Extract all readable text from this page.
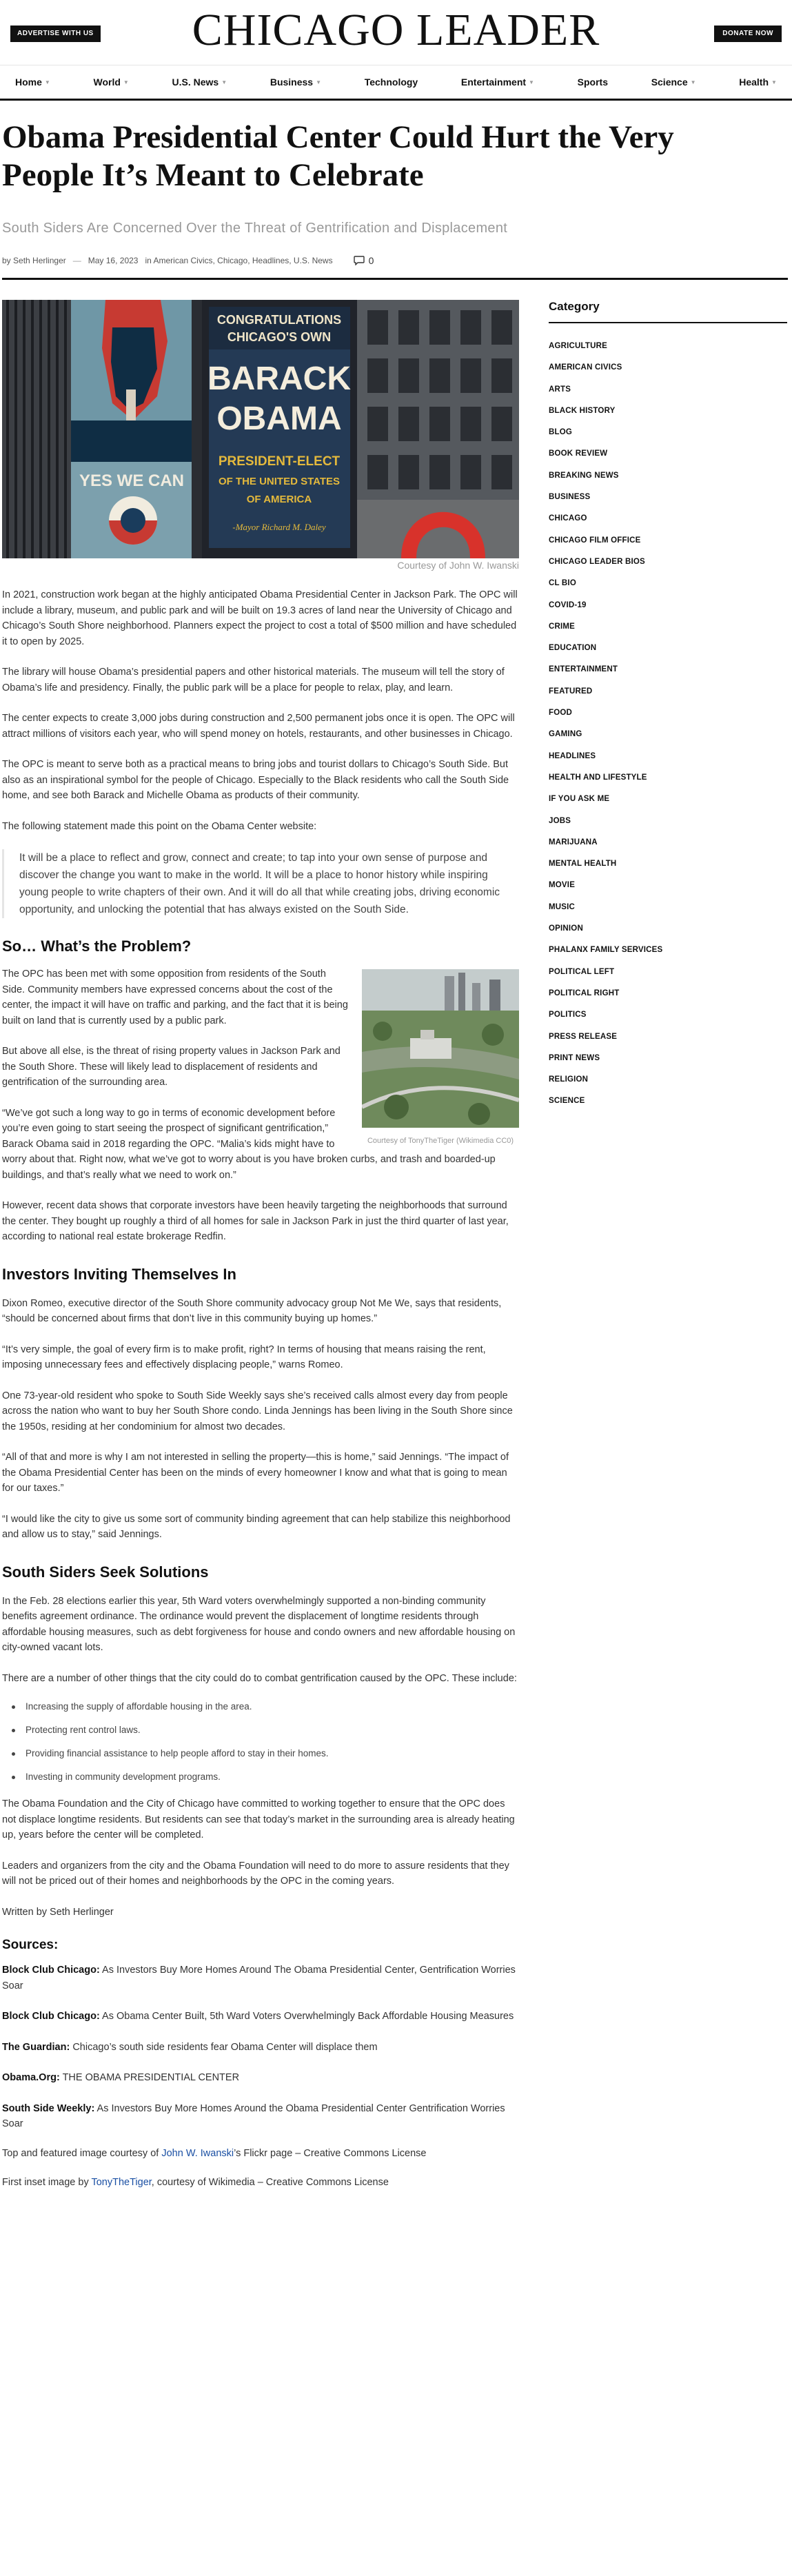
ADVERTISE WITH US	CHICAGO LEADER	DONATE NOW
Home ▼	World ▼	U.S. News ▼	Business ▼	Technology	Entertainment ▼	Sports	Science ▼	Health ▼
Obama Presidential Center Could Hurt the Very People It’s Meant to Celebrate
South Siders Are Concerned Over the Threat of Gentrification and Displacement
by Seth Herlinger — May 16, 2023 in American Civics, Chicago, Headlines, U.S. News	0
YES WE CAN
CONGRATULATIONS
CHICAGO'S OWN
BARACK
OBAMA
PRESIDENT-ELECT
OF THE UNITED STATES
OF AMERICA
-Mayor Richard M. Daley
Courtesy of John W. Iwanski

In 2021, construction work began at the highly anticipated Obama Presidential Center in Jackson Park. The OPC will include a library, museum, and public park and will be built on 19.3 acres of land near the University of Chicago and Chicago’s South Shore neighborhood. Planners expect the project to cost a total of $500 million and have scheduled it to open by 2025.

The library will house Obama’s presidential papers and other historical materials. The museum will tell the story of Obama’s life and presidency. Finally, the public park will be a place for people to relax, play, and learn.

The center expects to create 3,000 jobs during construction and 2,500 permanent jobs once it is open. The OPC will attract millions of visitors each year, who will spend money on hotels, restaurants, and other businesses in Chicago.

The OPC is meant to serve both as a practical means to bring jobs and tourist dollars to Chicago’s South Side. But also as an inspirational symbol for the people of Chicago. Especially to the Black residents who call the South Side home, and see both Barack and Michelle Obama as products of their community.

The following statement made this point on the Obama Center website:

It will be a place to reflect and grow, connect and create; to tap into your own sense of purpose and discover the change you want to make in the world. It will be a place to honor history while inspiring young people to write chapters of their own. And it will do all that while creating jobs, driving economic opportunity, and unlocking the potential that has always existed on the South Side.
So… What’s the Problem?
Courtesy of TonyTheTiger (Wikimedia CC0)

The OPC has been met with some opposition from residents of the South Side. Community members have expressed concerns about the cost of the center, the impact it will have on traffic and parking, and the fact that it is being built on land that is currently used by a public park.

But above all else, is the threat of rising property values in Jackson Park and the South Shore. These will likely lead to displacement of residents and gentrification of the surrounding area.

“We’ve got such a long way to go in terms of economic development before you’re even going to start seeing the prospect of significant gentrification,” Barack Obama said in 2018 regarding the OPC. “Malia’s kids might have to worry about that. Right now, what we’ve got to worry about is you have broken curbs, and trash and boarded-up buildings, and that’s really what we need to work on.”

However, recent data shows that corporate investors have been heavily targeting the neighborhoods that surround the center. They bought up roughly a third of all homes for sale in Jackson Park in just the third quarter of last year, according to national real estate brokerage Redfin.

Investors Inviting Themselves In

Dixon Romeo, executive director of the South Shore community advocacy group Not Me We, says that residents, “should be concerned about firms that don’t live in this community buying up homes.”

“It’s very simple, the goal of every firm is to make profit, right? In terms of housing that means raising the rent, imposing unnecessary fees and effectively displacing people,” warns Romeo.

One 73-year-old resident who spoke to South Side Weekly says she’s received calls almost every day from people across the nation who want to buy her South Shore condo. Linda Jennings has been living in the South Shore since the 1950s, residing at her condominium for almost two decades.

“All of that and more is why I am not interested in selling the property—this is home,” said Jennings. “The impact of the Obama Presidential Center has been on the minds of every homeowner I know and what that is going to mean for our taxes.”

“I would like the city to give us some sort of community binding agreement that can help stabilize this neighborhood and allow us to stay,” said Jennings.

South Siders Seek Solutions

In the Feb. 28 elections earlier this year, 5th Ward voters overwhelmingly supported a non-binding community benefits agreement ordinance. The ordinance would prevent the displacement of longtime residents through affordable housing measures, such as debt forgiveness for house and condo owners and new affordable housing on city-owned vacant lots.

There are a number of other things that the city could do to combat gentrification caused by the OPC. These include:

Increasing the supply of affordable housing in the area.
Protecting rent control laws.
Providing financial assistance to help people afford to stay in their homes.
Investing in community development programs.

The Obama Foundation and the City of Chicago have committed to working together to ensure that the OPC does not displace longtime residents. But residents can see that today’s market in the surrounding area is already heating up, years before the center will be completed.

Leaders and organizers from the city and the Obama Foundation will need to do more to assure residents that they will not be priced out of their homes and neighborhoods by the OPC in the coming years.

Written by Seth Herlinger

Sources:

Block Club Chicago: As Investors Buy More Homes Around The Obama Presidential Center, Gentrification Worries Soar

Block Club Chicago: As Obama Center Built, 5th Ward Voters Overwhelmingly Back Affordable Housing Measures

The Guardian: Chicago’s south side residents fear Obama Center will displace them

Obama.Org: THE OBAMA PRESIDENTIAL CENTER

South Side Weekly: As Investors Buy More Homes Around the Obama Presidential Center Gentrification Worries Soar

Top and featured image courtesy of John W. Iwanski’s Flickr page – Creative Commons License

First inset image by TonyTheTiger, courtesy of Wikimedia – Creative Commons License

Category
AGRICULTURE
AMERICAN CIVICS
ARTS
BLACK HISTORY
BLOG
BOOK REVIEW
BREAKING NEWS
BUSINESS
CHICAGO
CHICAGO FILM OFFICE
CHICAGO LEADER BIOS
CL BIO
COVID-19
CRIME
EDUCATION
ENTERTAINMENT
FEATURED
FOOD
GAMING
HEADLINES
HEALTH AND LIFESTYLE
IF YOU ASK ME
JOBS
MARIJUANA
MENTAL HEALTH
MOVIE
MUSIC
OPINION
PHALANX FAMILY SERVICES
POLITICAL LEFT
POLITICAL RIGHT
POLITICS
PRESS RELEASE
PRINT NEWS
RELIGION
SCIENCE
